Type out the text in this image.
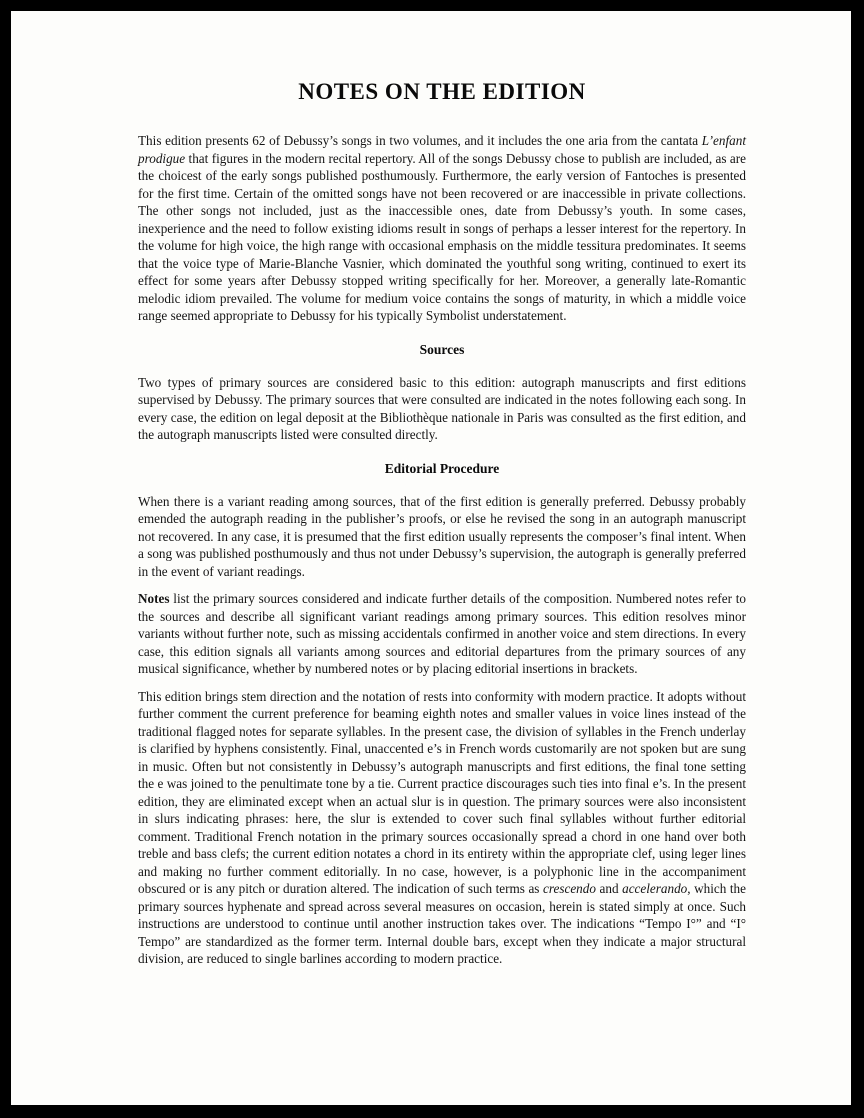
NOTES ON THE EDITION

This edition presents 62 of Debussy’s songs in two volumes, and it includes the one aria from the cantata L’enfant prodigue that figures in the modern recital repertory. All of the songs Debussy chose to publish are included, as are the choicest of the early songs published posthumously. Furthermore, the early version of Fantoches is presented for the first time. Certain of the omitted songs have not been recovered or are inaccessible in private collections. The other songs not included, just as the inaccessible ones, date from Debussy’s youth. In some cases, inexperience and the need to follow existing idioms result in songs of perhaps a lesser interest for the repertory. In the volume for high voice, the high range with occasional emphasis on the middle tessitura predominates. It seems that the voice type of Marie-Blanche Vasnier, which dominated the youthful song writing, continued to exert its effect for some years after Debussy stopped writing specifically for her. Moreover, a generally late-Romantic melodic idiom prevailed. The volume for medium voice contains the songs of maturity, in which a middle voice range seemed appropriate to Debussy for his typically Symbolist understatement.

Sources

Two types of primary sources are considered basic to this edition: autograph manuscripts and first editions supervised by Debussy. The primary sources that were consulted are indicated in the notes following each song. In every case, the edition on legal deposit at the Bibliothèque nationale in Paris was consulted as the first edition, and the autograph manuscripts listed were consulted directly.

Editorial Procedure

When there is a variant reading among sources, that of the first edition is generally preferred. Debussy probably emended the autograph reading in the publisher’s proofs, or else he revised the song in an autograph manuscript not recovered. In any case, it is presumed that the first edition usually represents the composer’s final intent. When a song was published posthumously and thus not under Debussy’s supervision, the autograph is generally preferred in the event of variant readings.

Notes list the primary sources considered and indicate further details of the composition. Numbered notes refer to the sources and describe all significant variant readings among primary sources. This edition resolves minor variants without further note, such as missing accidentals confirmed in another voice and stem directions. In every case, this edition signals all variants among sources and editorial departures from the primary sources of any musical significance, whether by numbered notes or by placing editorial insertions in brackets.

This edition brings stem direction and the notation of rests into conformity with modern practice. It adopts without further comment the current preference for beaming eighth notes and smaller values in voice lines instead of the traditional flagged notes for separate syllables. In the present case, the division of syllables in the French underlay is clarified by hyphens consistently. Final, unaccented e’s in French words customarily are not spoken but are sung in music. Often but not consistently in Debussy’s autograph manuscripts and first editions, the final tone setting the e was joined to the penultimate tone by a tie. Current practice discourages such ties into final e’s. In the present edition, they are eliminated except when an actual slur is in question. The primary sources were also inconsistent in slurs indicating phrases: here, the slur is extended to cover such final syllables without further editorial comment. Traditional French notation in the primary sources occasionally spread a chord in one hand over both treble and bass clefs; the current edition notates a chord in its entirety within the appropriate clef, using leger lines and making no further comment editorially. In no case, however, is a polyphonic line in the accompaniment obscured or is any pitch or duration altered. The indication of such terms as crescendo and accelerando, which the primary sources hyphenate and spread across several measures on occasion, herein is stated simply at once. Such instructions are understood to continue until another instruction takes over. The indications “Tempo I°” and “I° Tempo” are standardized as the former term. Internal double bars, except when they indicate a major structural division, are reduced to single barlines according to modern practice.
